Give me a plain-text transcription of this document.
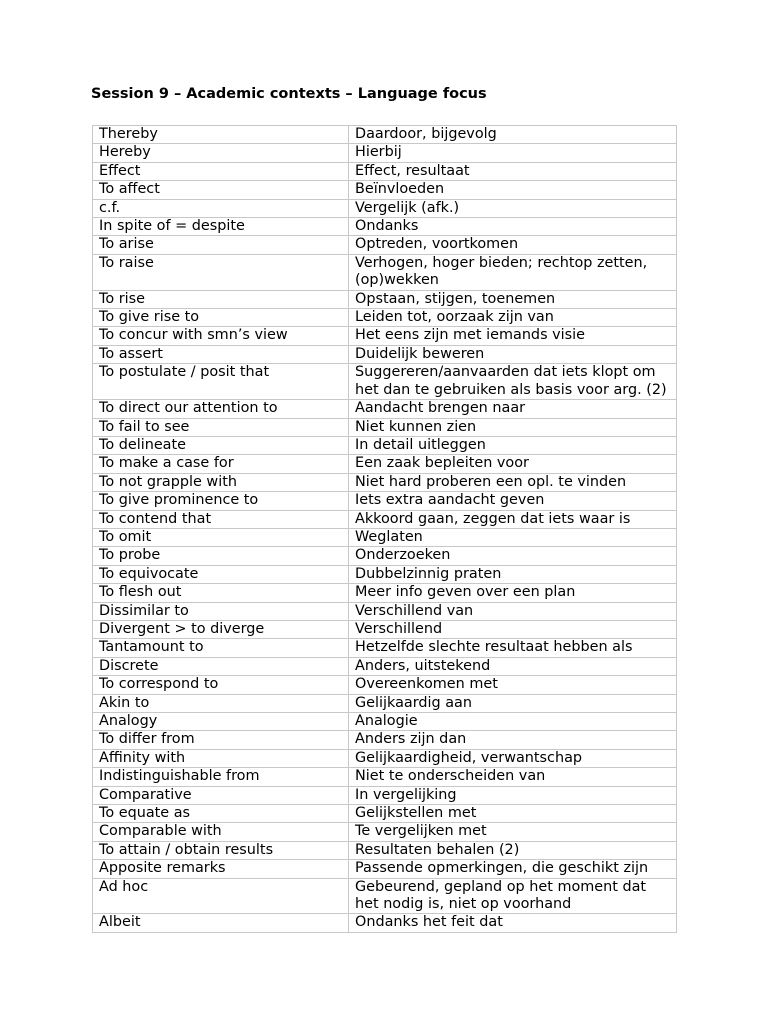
Session 9 – Academic contexts – Language focus
Thereby	Daardoor, bijgevolg
Hereby	Hierbij
Effect	Effect, resultaat
To affect	Beïnvloeden
c.f.	Vergelijk (afk.)
In spite of = despite	Ondanks
To arise	Optreden, voortkomen
To raise	Verhogen, hoger bieden; rechtop zetten, (op)wekken
To rise	Opstaan, stijgen, toenemen
To give rise to	Leiden tot, oorzaak zijn van
To concur with smn’s view	Het eens zijn met iemands visie
To assert	Duidelijk beweren
To postulate / posit that	Suggereren/aanvaarden dat iets klopt om het dan te gebruiken als basis voor arg. (2)
To direct our attention to	Aandacht brengen naar
To fail to see	Niet kunnen zien
To delineate	In detail uitleggen
To make a case for	Een zaak bepleiten voor
To not grapple with	Niet hard proberen een opl. te vinden
To give prominence to	Iets extra aandacht geven
To contend that	Akkoord gaan, zeggen dat iets waar is
To omit	Weglaten
To probe	Onderzoeken
To equivocate	Dubbelzinnig praten
To flesh out	Meer info geven over een plan
Dissimilar to	Verschillend van
Divergent > to diverge	Verschillend
Tantamount to	Hetzelfde slechte resultaat hebben als
Discrete	Anders, uitstekend
To correspond to	Overeenkomen met
Akin to	Gelijkaardig aan
Analogy	Analogie
To differ from	Anders zijn dan
Affinity with	Gelijkaardigheid, verwantschap
Indistinguishable from	Niet te onderscheiden van
Comparative	In vergelijking
To equate as	Gelijkstellen met
Comparable with	Te vergelijken met
To attain / obtain results	Resultaten behalen (2)
Apposite remarks	Passende opmerkingen, die geschikt zijn
Ad hoc	Gebeurend, gepland op het moment dat het nodig is, niet op voorhand
Albeit	Ondanks het feit dat
